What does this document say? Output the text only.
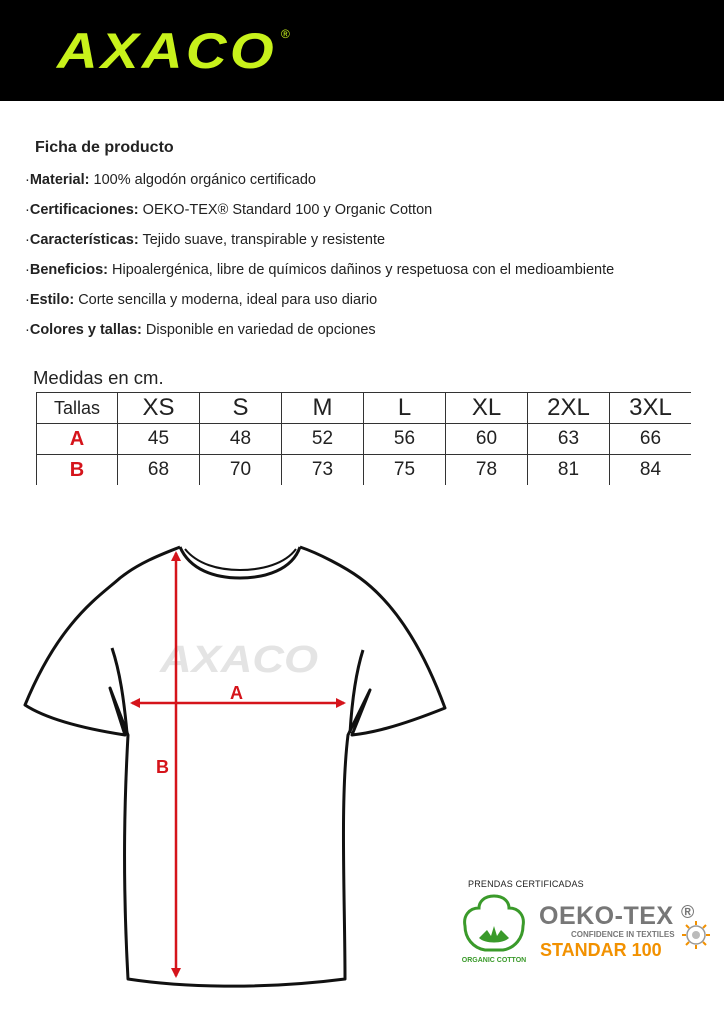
AXACO ®
Ficha de producto
·Material: 100% algodón orgánico certificado
·Certificaciones: OEKO-TEX® Standard 100 y Organic Cotton
·Características: Tejido suave, transpirable y resistente
·Beneficios: Hipoalergénica, libre de químicos dañinos y respetuosa con el medioambiente
·Estilo: Corte sencilla y moderna, ideal para uso diario
·Colores y tallas: Disponible en variedad de opciones
Medidas en cm.
Tallas	XS	S	M	L	XL	2XL	3XL
A	45	48	52	56	60	63	66
B	68	70	73	75	78	81	84
AXACO
A
B
PRENDAS CERTIFICADAS
ORGANIC COTTON
OEKO-TEX ®
CONFIDENCE IN TEXTILES
STANDAR 100
